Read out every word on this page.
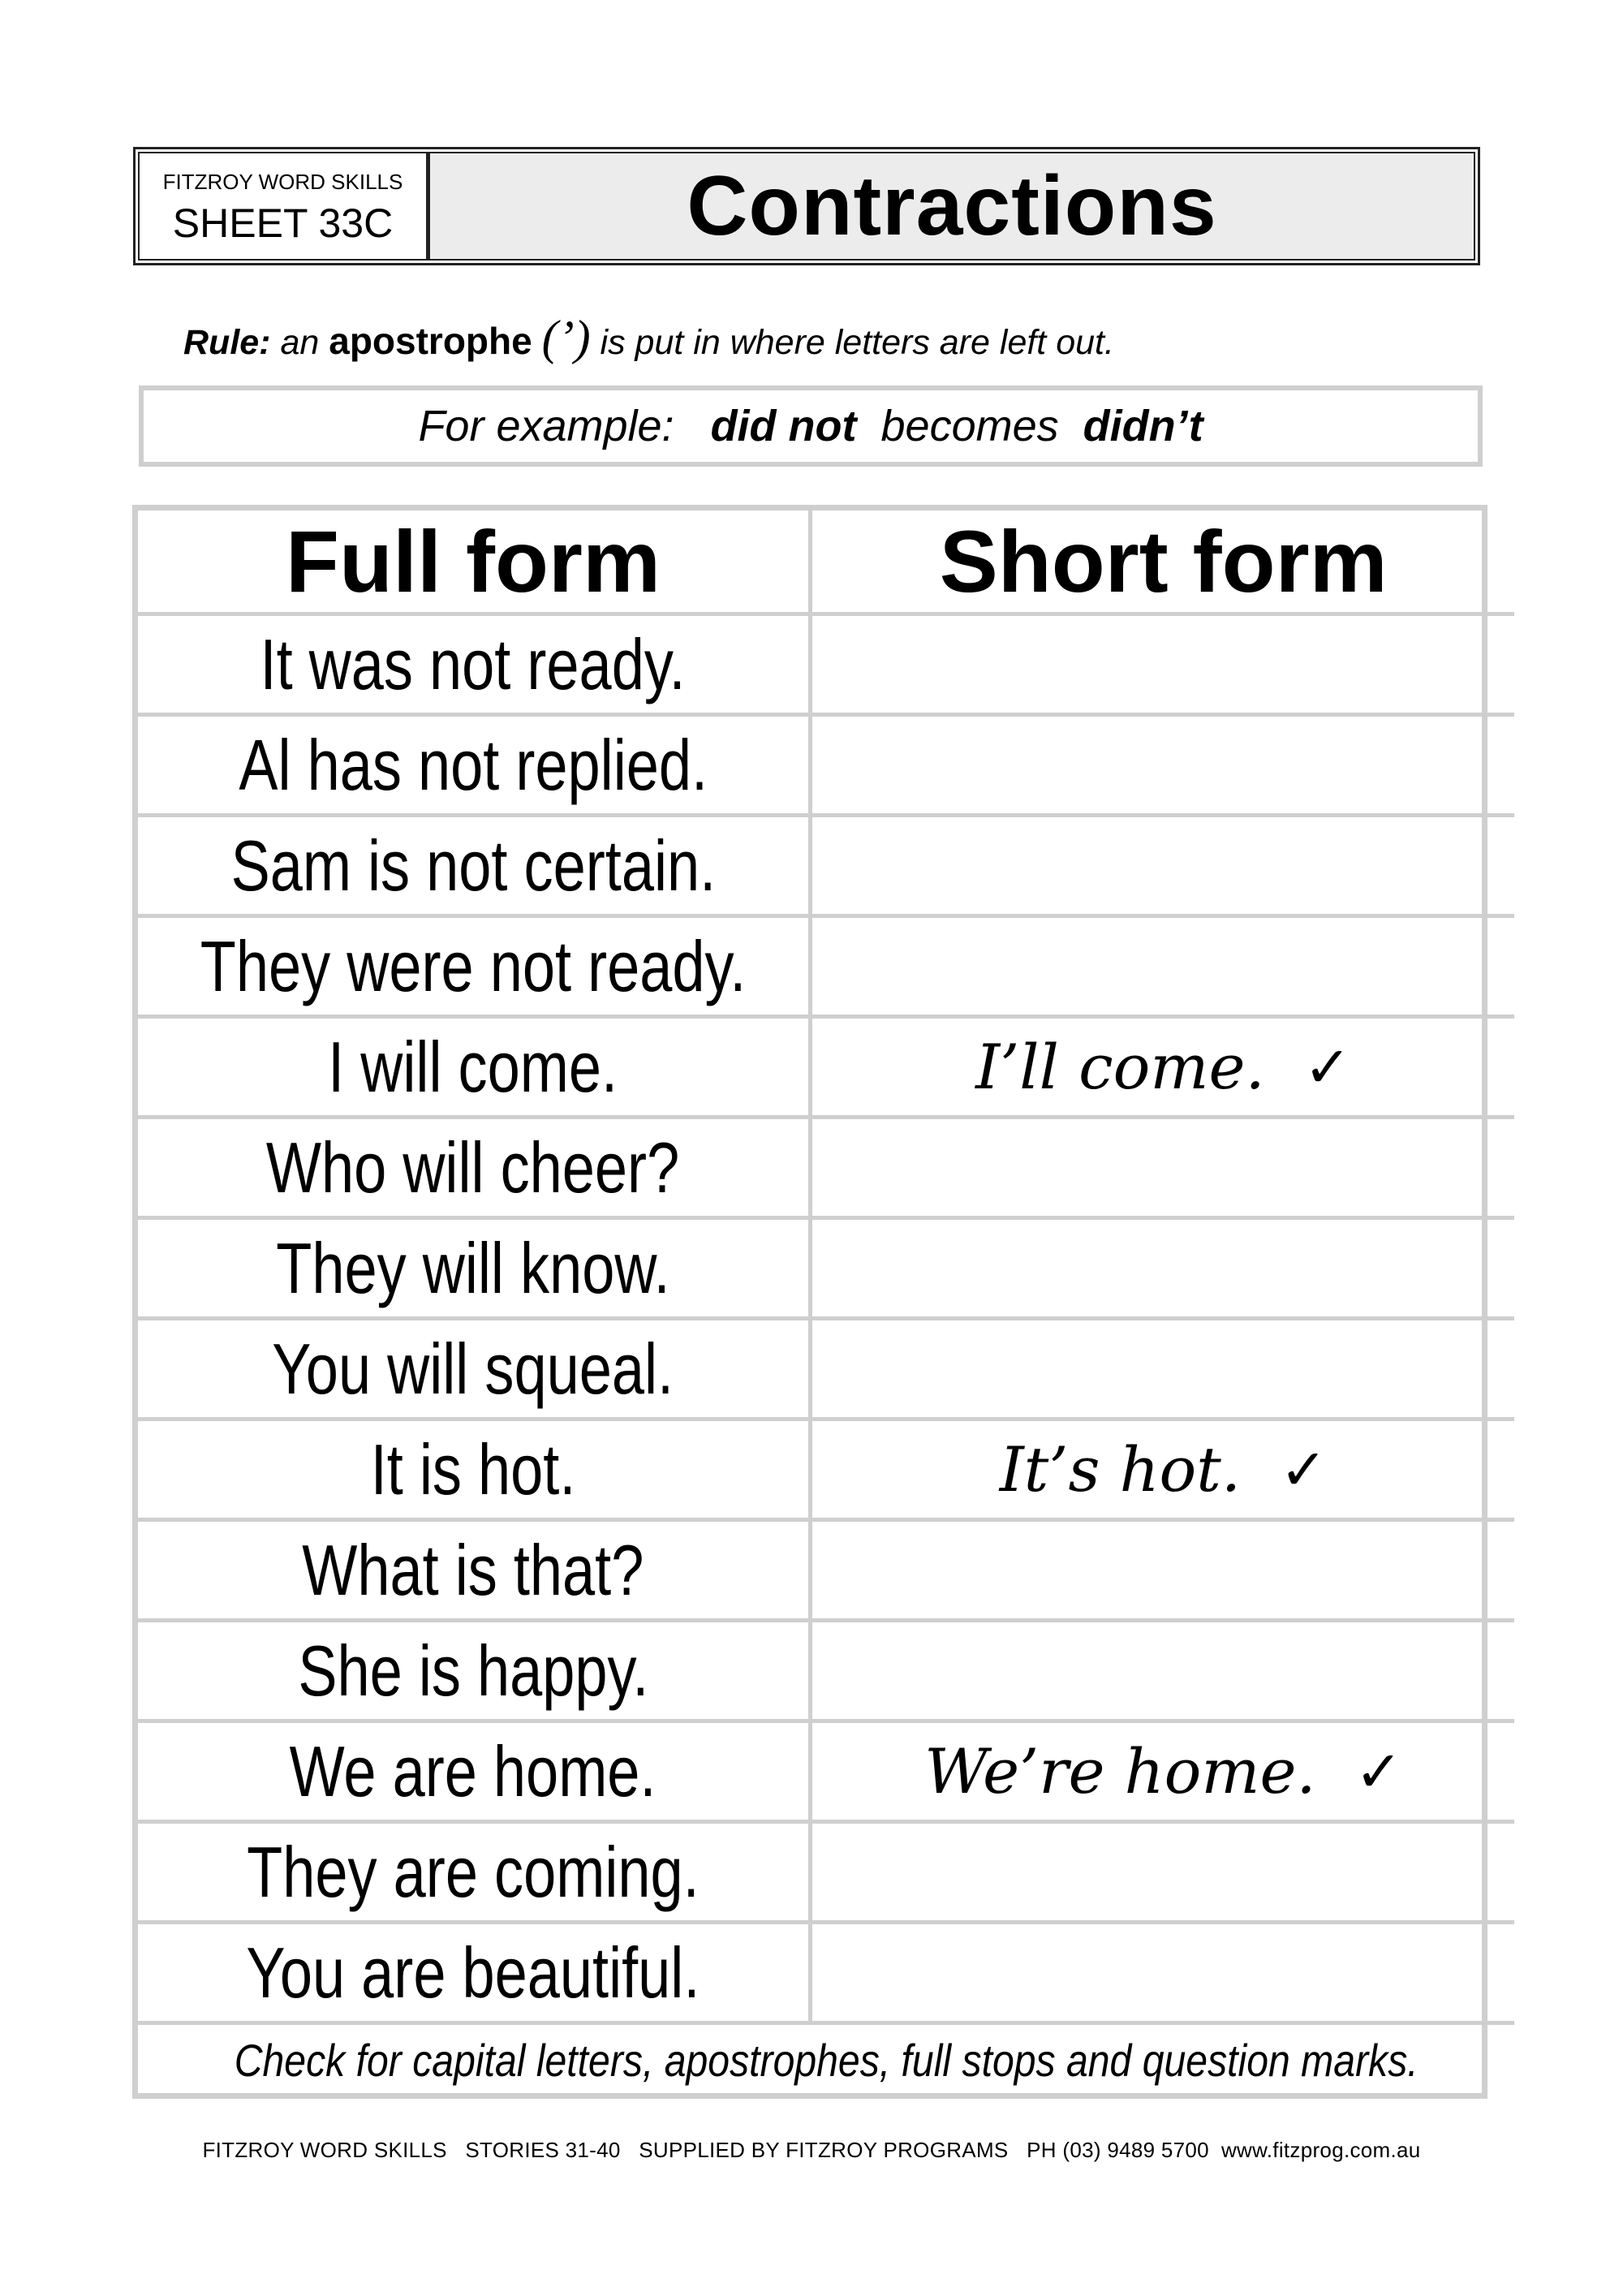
FITZROY WORD SKILLS
SHEET 33C	Contractions
Rule: an apostrophe (’) is put in where letters are left out.
For example: did not becomes didn’t
Full form	Short form
It was not ready.	

Al has not replied.	

Sam is not certain.	

They were not ready.	

I will come.	I’ll come. ✓

Who will cheer?	

They will know.	

You will squeal.	

It is hot.	It’s hot. ✓

What is that?	

She is happy.	

We are home.	We’re home. ✓

They are coming.	

You are beautiful.	

Check for capital letters, apostrophes, full stops and question marks.	
FITZROY WORD SKILLS   STORIES 31-40   SUPPLIED BY FITZROY PROGRAMS   PH (03) 9489 5700  www.fitzprog.com.au
